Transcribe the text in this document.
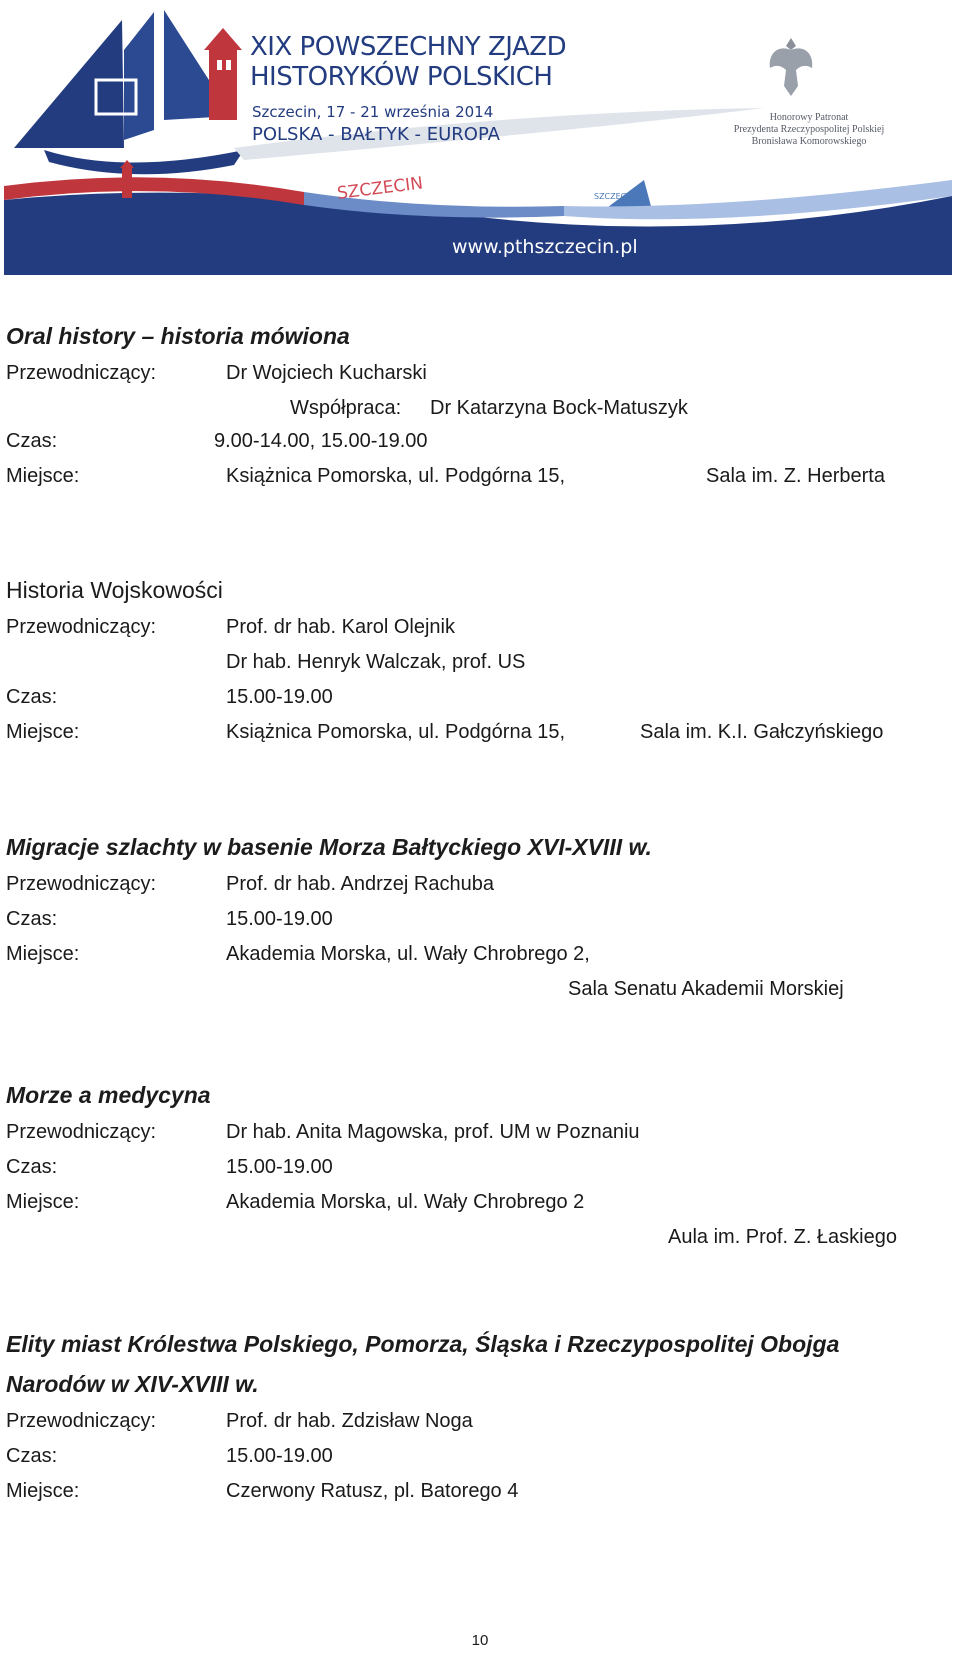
XIX POWSZECHNY ZJAZD
HISTORYKÓW POLSKICH
Szczecin, 17 - 21 września 2014
POLSKA - BAŁTYK - EUROPA
Honorowy Patronat
Prezydenta Rzeczypospolitej Polskiej
Bronisława Komorowskiego
SZCZECIN	SZCZECIN
www.pthszczecin.pl
Oral history – historia mówiona
Przewodniczący:	Dr Wojciech Kucharski
Współpraca: Dr Katarzyna Bock-Matuszyk
Czas:	9.00-14.00, 15.00-19.00
Miejsce:	Książnica Pomorska, ul. Podgórna 15,	Sala im. Z. Herberta
Historia Wojskowości
Przewodniczący:	Prof. dr hab. Karol Olejnik
Dr hab. Henryk Walczak, prof. US
Czas:	15.00-19.00
Miejsce:	Książnica Pomorska, ul. Podgórna 15,	Sala im. K.I. Gałczyńskiego
Migracje szlachty w basenie Morza Bałtyckiego XVI-XVIII w.
Przewodniczący:	Prof. dr hab. Andrzej Rachuba
Czas:	15.00-19.00
Miejsce:	Akademia Morska, ul. Wały Chrobrego 2,
Sala Senatu Akademii Morskiej
Morze a medycyna
Przewodniczący:	Dr hab. Anita Magowska, prof. UM w Poznaniu
Czas:	15.00-19.00
Miejsce:	Akademia Morska, ul. Wały Chrobrego 2
Aula im. Prof. Z. Łaskiego
Elity miast Królestwa Polskiego, Pomorza, Śląska i Rzeczypospolitej Obojga
Narodów w XIV-XVIII w.
Przewodniczący:	Prof. dr hab. Zdzisław Noga
Czas:	15.00-19.00
Miejsce:	Czerwony Ratusz, pl. Batorego 4
10
